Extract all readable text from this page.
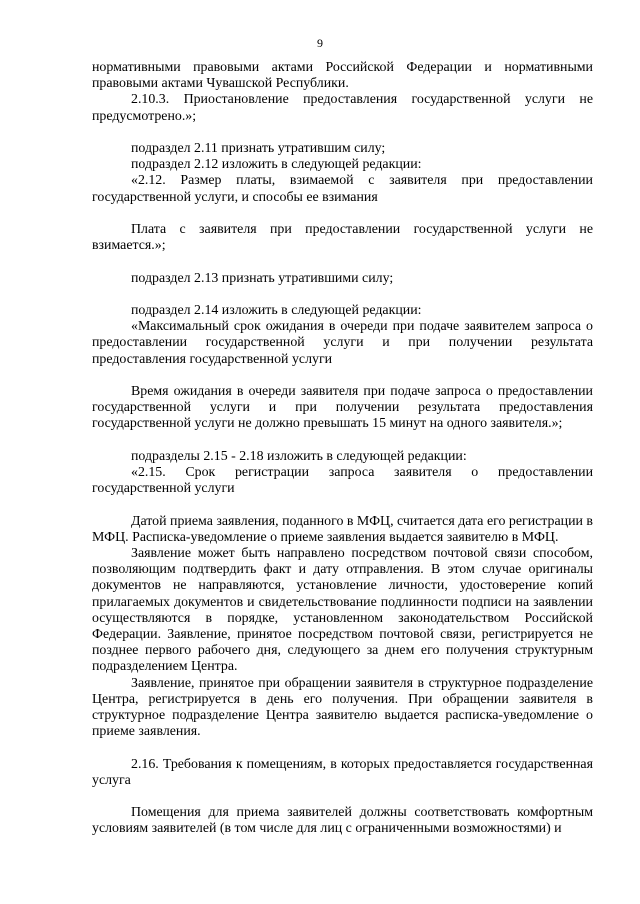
9

нормативными правовыми актами Российской Федерации и нормативными правовыми актами Чувашской Республики.

2.10.3. Приостановление предоставления государственной услуги не предусмотрено.»;

подраздел 2.11 признать утратившим силу;

подраздел 2.12 изложить в следующей редакции:

«2.12. Размер платы, взимаемой с заявителя при предоставлении государственной услуги, и способы ее взимания

Плата с заявителя при предоставлении государственной услуги не взимается.»;

подраздел 2.13 признать утратившими силу;

подраздел 2.14 изложить в следующей редакции:

«Максимальный срок ожидания в очереди при подаче заявителем запроса о предоставлении государственной услуги и при получении результата предоставления государственной услуги

Время ожидания в очереди заявителя при подаче запроса о предоставлении государственной услуги и при получении результата предоставления государственной услуги не должно превышать 15 минут на одного заявителя.»;

подразделы 2.15 - 2.18 изложить в следующей редакции:

«2.15. Срок регистрации запроса заявителя о предоставлении государственной услуги

Датой приема заявления, поданного в МФЦ, считается дата его регистрации в МФЦ. Расписка-уведомление о приеме заявления выдается заявителю в МФЦ.

Заявление может быть направлено посредством почтовой связи способом, позволяющим подтвердить факт и дату отправления. В этом случае оригиналы документов не направляются, установление личности, удостоверение копий прилагаемых документов и свидетельствование подлинности подписи на заявлении осуществляются в порядке, установленном законодательством Российской Федерации. Заявление, принятое посредством почтовой связи, регистрируется не позднее первого рабочего дня, следующего за днем его получения структурным подразделением Центра.

Заявление, принятое при обращении заявителя в структурное подразделение Центра, регистрируется в день его получения. При обращении заявителя в структурное подразделение Центра заявителю выдается расписка-уведомление о приеме заявления.

2.16. Требования к помещениям, в которых предоставляется государственная услуга

Помещения для приема заявителей должны соответствовать комфортным условиям заявителей (в том числе для лиц с ограниченными возможностями) и
